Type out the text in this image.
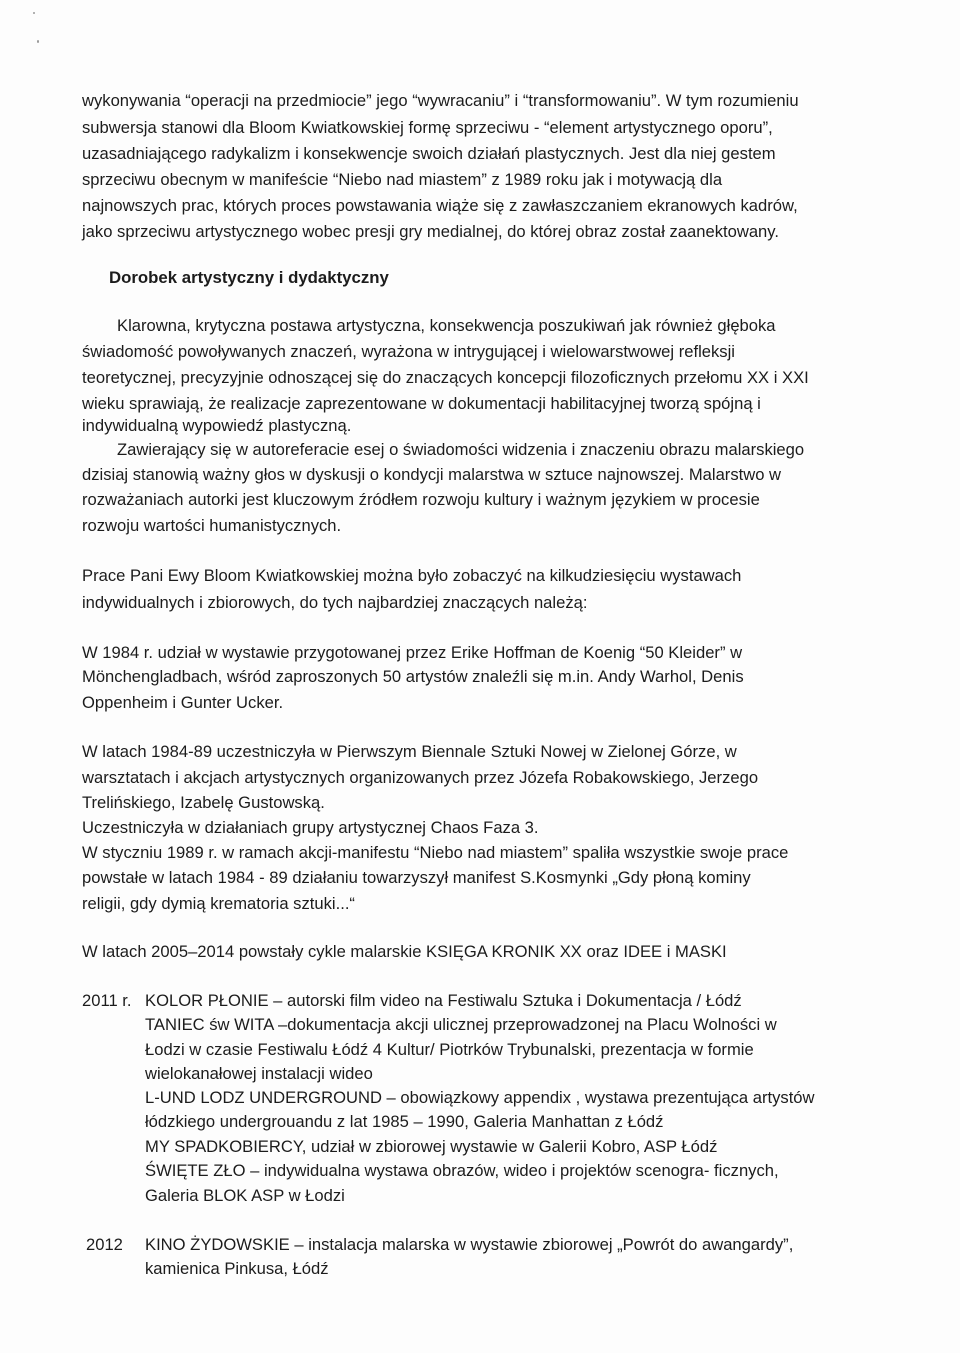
wykonywania “operacji na przedmiocie” jego “wywracaniu” i “transformowaniu”. W tym rozumieniu
subwersja stanowi dla Bloom Kwiatkowskiej formę sprzeciwu - “element artystycznego oporu”,
uzasadniającego radykalizm i konsekwencje swoich działań plastycznych. Jest dla niej gestem
sprzeciwu obecnym w manifeście “Niebo nad miastem” z 1989 roku jak i motywacją dla
najnowszych prac, których proces powstawania wiąże się z zawłaszczaniem ekranowych kadrów,
jako sprzeciwu artystycznego wobec presji gry medialnej, do której obraz został zaanektowany.
Dorobek artystyczny i dydaktyczny
Klarowna, krytyczna postawa artystyczna, konsekwencja poszukiwań jak również głęboka
świadomość powoływanych znaczeń, wyrażona w intrygującej i wielowarstwowej refleksji
teoretycznej, precyzyjnie odnoszącej się do znaczących koncepcji filozoficznych przełomu XX i XXI
wieku sprawiają, że realizacje zaprezentowane w dokumentacji habilitacyjnej tworzą spójną i
indywidualną wypowiedź plastyczną.
Zawierający się w autoreferacie esej o świadomości widzenia i znaczeniu obrazu malarskiego
dzisiaj stanowią ważny głos w dyskusji o kondycji malarstwa w sztuce najnowszej. Malarstwo w
rozważaniach autorki jest kluczowym źródłem rozwoju kultury i ważnym językiem w procesie
rozwoju wartości humanistycznych.
Prace Pani Ewy Bloom Kwiatkowskiej można było zobaczyć na kilkudziesięciu wystawach
indywidualnych i zbiorowych, do tych najbardziej znaczących należą:
W 1984 r. udział w wystawie przygotowanej przez Erike Hoffman de Koenig “50 Kleider” w
Mönchengladbach, wśród zaproszonych 50 artystów znaleźli się m.in. Andy Warhol, Denis
Oppenheim i Gunter Ucker.
W latach 1984-89 uczestniczyła w Pierwszym Biennale Sztuki Nowej w Zielonej Górze, w
warsztatach i akcjach artystycznych organizowanych przez Józefa Robakowskiego, Jerzego
Trelińskiego, Izabelę Gustowską.
Uczestniczyła w działaniach grupy artystycznej Chaos Faza 3.
W styczniu 1989 r. w ramach akcji-manifestu “Niebo nad miastem” spaliła wszystkie swoje prace
powstałe w latach 1984 - 89 działaniu towarzyszył manifest S.Kosmynki „Gdy płoną kominy
religii, gdy dymią krematoria sztuki...“
W latach 2005–2014 powstały cykle malarskie KSIĘGA KRONIK XX oraz IDEE i MASKI
2011 r. KOLOR PŁONIE – autorski film video na Festiwalu Sztuka i Dokumentacja / Łódź
TANIEC św WITA –dokumentacja akcji ulicznej przeprowadzonej na Placu Wolności w
Łodzi w czasie Festiwalu Łódź 4 Kultur/ Piotrków Trybunalski, prezentacja w formie
wielokanałowej instalacji wideo
L-UND LODZ UNDERGROUND – obowiązkowy appendix , wystawa prezentująca artystów
łódzkiego undergrouandu z lat 1985 – 1990, Galeria Manhattan z Łódź
MY SPADKOBIERCY, udział w zbiorowej wystawie w Galerii Kobro, ASP Łódź
ŚWIĘTE ZŁO – indywidualna wystawa obrazów, wideo i projektów scenogra- ficznych,
Galeria BLOK ASP w Łodzi
2012 KINO ŻYDOWSKIE – instalacja malarska w wystawie zbiorowej „Powrót do awangardy”,
kamienica Pinkusa, Łódź
